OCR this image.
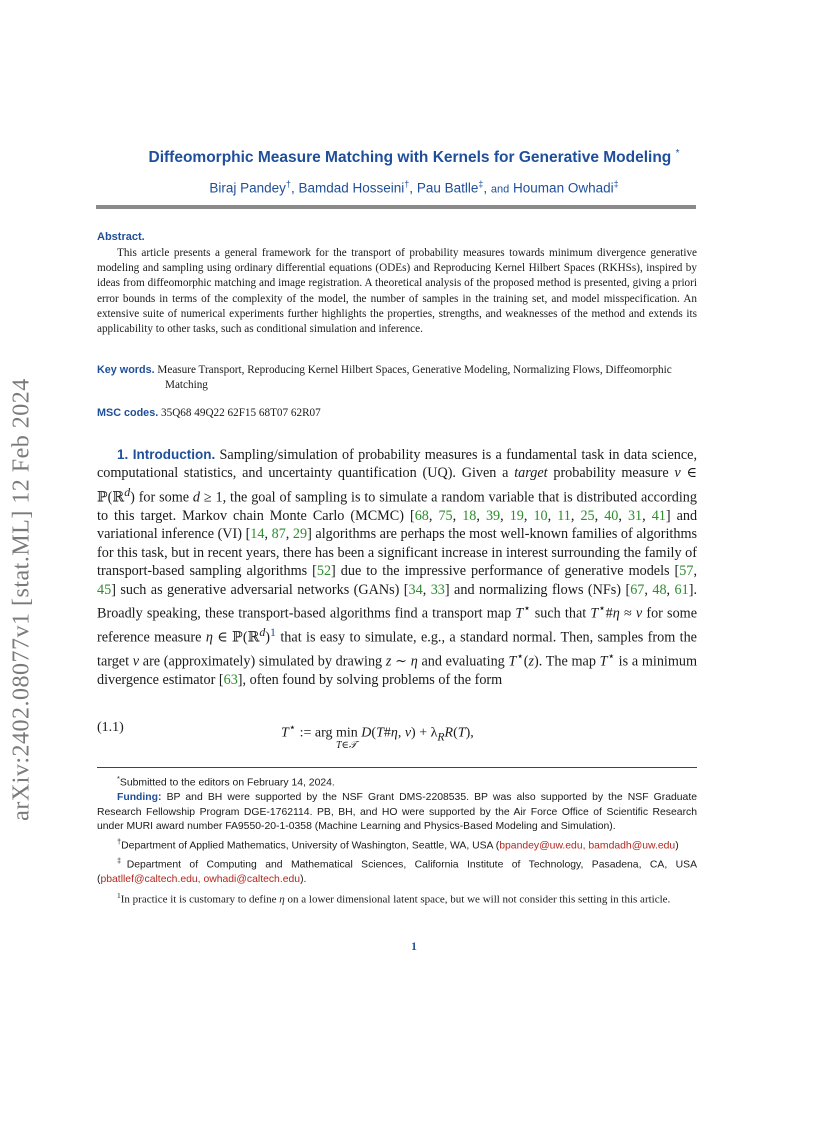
arXiv:2402.08077v1 [stat.ML] 12 Feb 2024
Diffeomorphic Measure Matching with Kernels for Generative Modeling *
Biraj Pandey†, Bamdad Hosseini†, Pau Batlle‡, and Houman Owhadi‡
Abstract.
This article presents a general framework for the transport of probability measures towards minimum divergence generative modeling and sampling using ordinary differential equations (ODEs) and Reproducing Kernel Hilbert Spaces (RKHSs), inspired by ideas from diffeomorphic matching and image registration. A theoretical analysis of the proposed method is presented, giving a priori error bounds in terms of the complexity of the model, the number of samples in the training set, and model misspecification. An extensive suite of numerical experiments further highlights the properties, strengths, and weaknesses of the method and extends its applicability to other tasks, such as conditional simulation and inference.
Key words. Measure Transport, Reproducing Kernel Hilbert Spaces, Generative Modeling, Normalizing Flows, Diffeomorphic Matching
MSC codes. 35Q68 49Q22 62F15 68T07 62R07
1. Introduction. Sampling/simulation of probability measures is a fundamental task in data science, computational statistics, and uncertainty quantification (UQ). Given a target probability measure ν ∈ ℙ(ℝ$^d$) for some d ≥ 1, the goal of sampling is to simulate a random variable that is distributed according to this target. Markov chain Monte Carlo (MCMC) [68, 75, 18, 39, 19, 10, 11, 25, 40, 31, 41] and variational inference (VI) [14, 87, 29] algorithms are perhaps the most well-known families of algorithms for this task, but in recent years, there has been a significant increase in interest surrounding the family of transport-based sampling algorithms [52] due to the impressive performance of generative models [57, 45] such as generative adversarial networks (GANs) [34, 33] and normalizing flows (NFs) [67, 48, 61]. Broadly speaking, these transport-based algorithms find a transport map T⋆ such that T⋆#η ≈ ν for some reference measure η ∈ ℙ(ℝ$^d$)$^1$ that is easy to simulate, e.g., a standard normal. Then, samples from the target ν are (approximately) simulated by drawing z ∼ η and evaluating T⋆(z). The map T⋆ is a minimum divergence estimator [63], often found by solving problems of the form
(1.1)	T⋆ := arg min D(T#η, $\nu) + \lambda_RR(T)$,
T∈𝒯
*Submitted to the editors on February 14, 2024.
Funding: BP and BH were supported by the NSF Grant DMS-2208535. BP was also supported by the NSF Graduate Research Fellowship Program DGE-1762114. PB, BH, and HO were supported by the Air Force Office of Scientific Research under MURI award number FA9550-20-1-0358 (Machine Learning and Physics-Based Modeling and Simulation).
†Department of Applied Mathematics, University of Washington, Seattle, WA, USA (bpandey@uw.edu, bamdadh@uw.edu)
‡Department of Computing and Mathematical Sciences, California Institute of Technology, Pasadena, CA, USA (pbatllef@caltech.edu, owhadi@caltech.edu).
$^1$In practice it is customary to define η on a lower dimensional latent space, but we will not consider this setting in this article.
1
